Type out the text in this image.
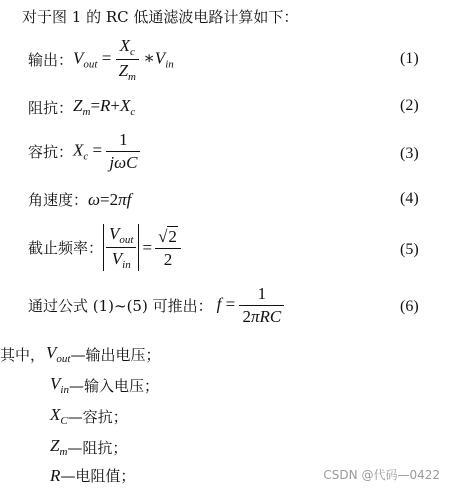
对于图 1 的 RC 低通滤波电路计算如下：
输出： $V_{out} = \frac{X_c}{Z_m}$ $∗V_{in}$	(1)
阻抗： $Z_m=R+X_c$	(2)
容抗： $X_c = \frac{1}{\text{jωC}}$	(3)
角速度： ω=2πf	(4)
截止频率： $\frac{V_{out}}{V_{in}} = \frac{√2}{2}$	(5)
通过公式 (1)~(5) 可推出： $f = \frac{1}{\text{2πRC}}$	(6)
其中， $V_{out}$ —输出电压；
$V_{in}$ —输入电压；
$X_C$ —容抗；
$Z_m$ —阻抗；
R —电阻值；	CSDN @代码—0422
